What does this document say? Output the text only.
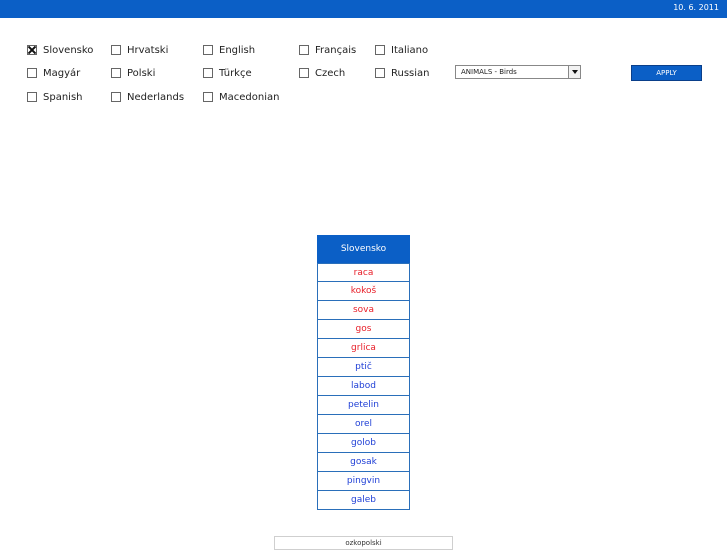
10. 6. 2011
Slovensko	Hrvatski	English	Français	Italiano
Magyár	Polski	Türkçe	Czech	Russian
Spanish	Nederlands	Macedonian
ANIMALS - Birds	APPLY
Slovensko
raca
kokoš
sova
gos
grlica
ptič
labod
petelin
orel
golob
gosak
pingvin
galeb
ozkopolski
